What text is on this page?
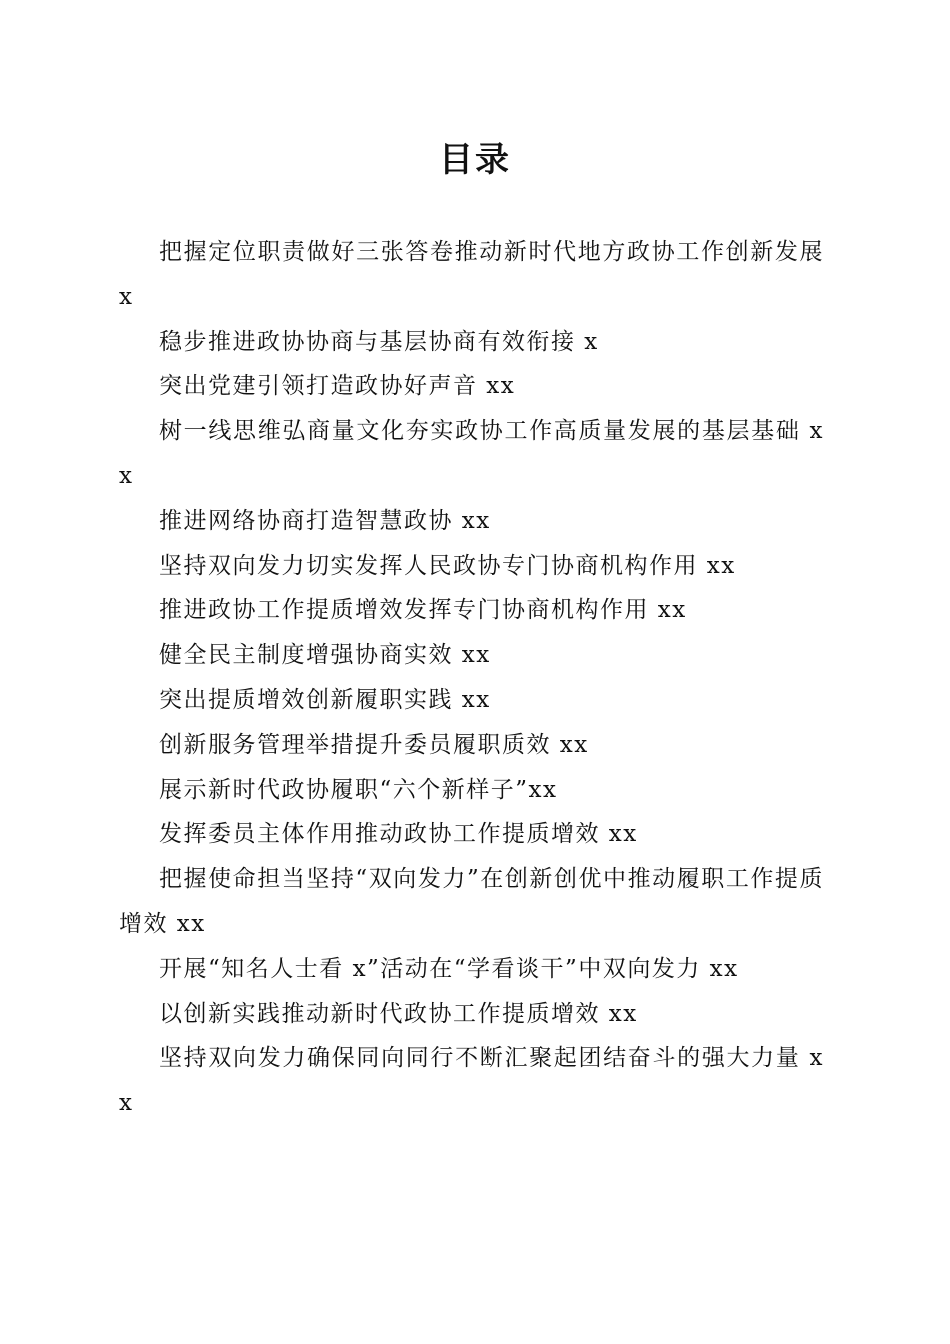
目录
把握定位职责做好三张答卷推动新时代地方政协工作创新发展 x
稳步推进政协协商与基层协商有效衔接 x
突出党建引领打造政协好声音 xx
树一线思维弘商量文化夯实政协工作高质量发展的基层基础 xx
推进网络协商打造智慧政协 xx
坚持双向发力切实发挥人民政协专门协商机构作用 xx
推进政协工作提质增效发挥专门协商机构作用 xx
健全民主制度增强协商实效 xx
突出提质增效创新履职实践 xx
创新服务管理举措提升委员履职质效 xx
展示新时代政协履职“六个新样子”xx
发挥委员主体作用推动政协工作提质增效 xx
把握使命担当坚持“双向发力”在创新创优中推动履职工作提质增效 xx
开展“知名人士看 x”活动在“学看谈干”中双向发力 xx
以创新实践推动新时代政协工作提质增效 xx
坚持双向发力确保同向同行不断汇聚起团结奋斗的强大力量 xx
